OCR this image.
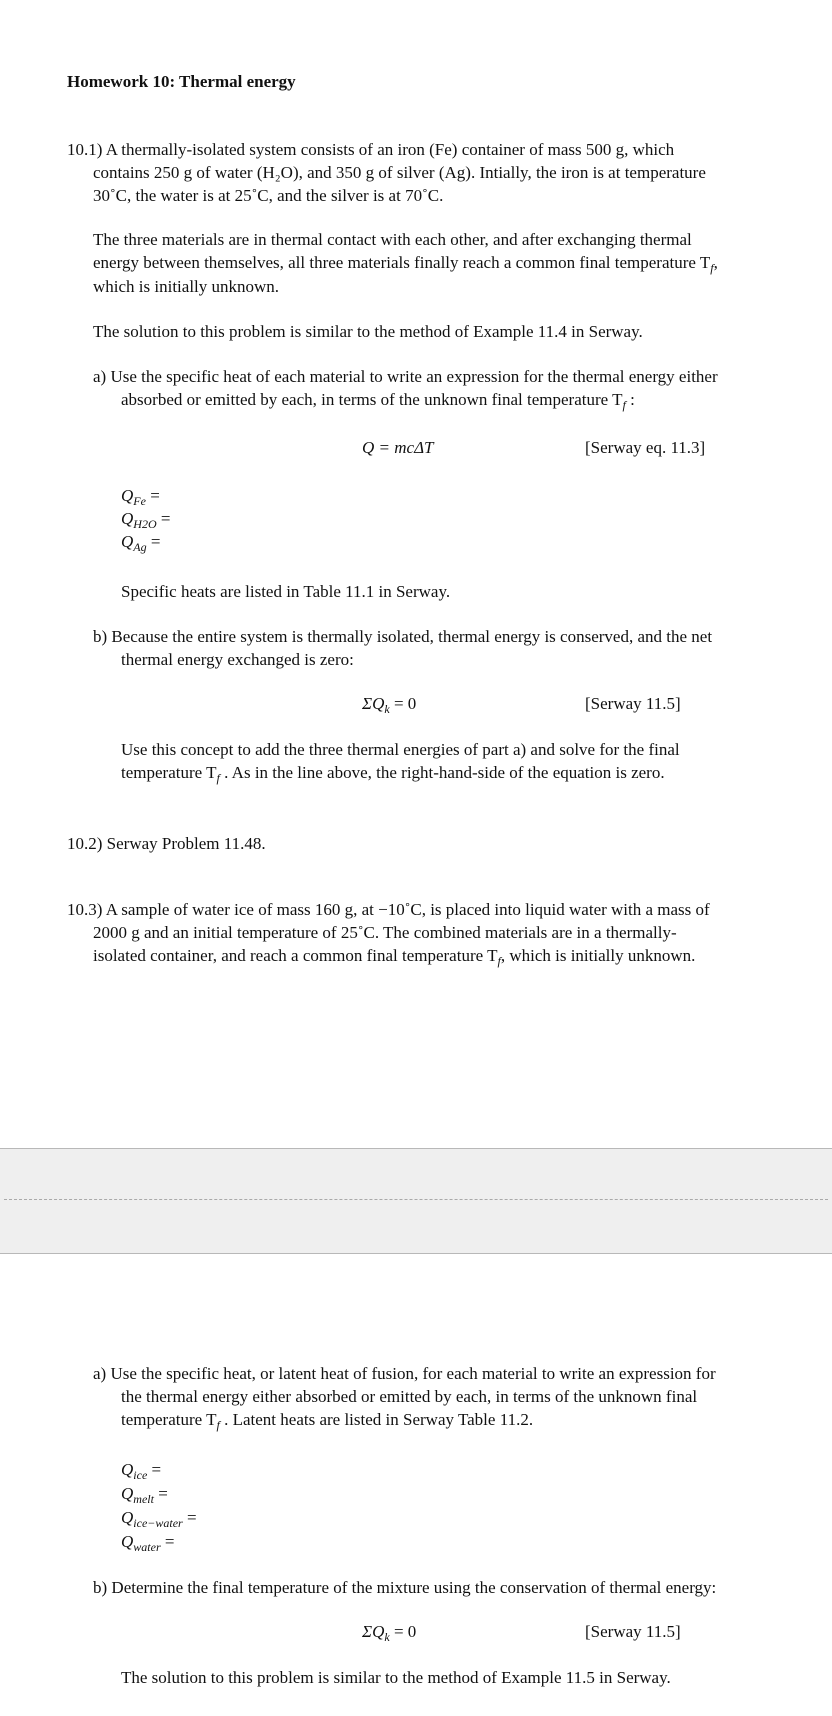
Homework 10: Thermal energy
10.1) A thermally-isolated system consists of an iron (Fe) container of mass 500 g, which
contains 250 g of water (H₂O), and 350 g of silver (Ag). Intially, the iron is at temperature
30˚C, the water is at 25˚C, and the silver is at 70˚C.
The three materials are in thermal contact with each other, and after exchanging thermal
energy between themselves, all three materials finally reach a common final temperature $T_f$,
which is initially unknown.
The solution to this problem is similar to the method of Example 11.4 in Serway.
a) Use the specific heat of each material to write an expression for the thermal energy either
absorbed or emitted by each, in terms of the unknown final temperature $T_f$ :
Q = mcΔT	[Serway eq. 11.3]
$Q_{Fe}$ =
$Q_{H2O}$ =
$Q_{Ag}$ =
Specific heats are listed in Table 11.1 in Serway.
b) Because the entire system is thermally isolated, thermal energy is conserved, and the net
thermal energy exchanged is zero:
$\Sigma Q_k = 0$	[Serway 11.5]
Use this concept to add the three thermal energies of part a) and solve for the final
temperature $T_f$ . As in the line above, the right-hand-side of the equation is zero.
10.2) Serway Problem 11.48.
10.3) A sample of water ice of mass 160 g, at −10˚C, is placed into liquid water with a mass of
2000 g and an initial temperature of 25˚C. The combined materials are in a thermally-
isolated container, and reach a common final temperature $T_f$, which is initially unknown.
a) Use the specific heat, or latent heat of fusion, for each material to write an expression for
the thermal energy either absorbed or emitted by each, in terms of the unknown final
temperature $T_f$ . Latent heats are listed in Serway Table 11.2.
$Q_{ice}$ =
$Q_{melt}$ =
$Q_{ice-water}$ =
$Q_{water}$ =
b) Determine the final temperature of the mixture using the conservation of thermal energy:
$\Sigma Q_k = 0$	[Serway 11.5]
The solution to this problem is similar to the method of Example 11.5 in Serway.
